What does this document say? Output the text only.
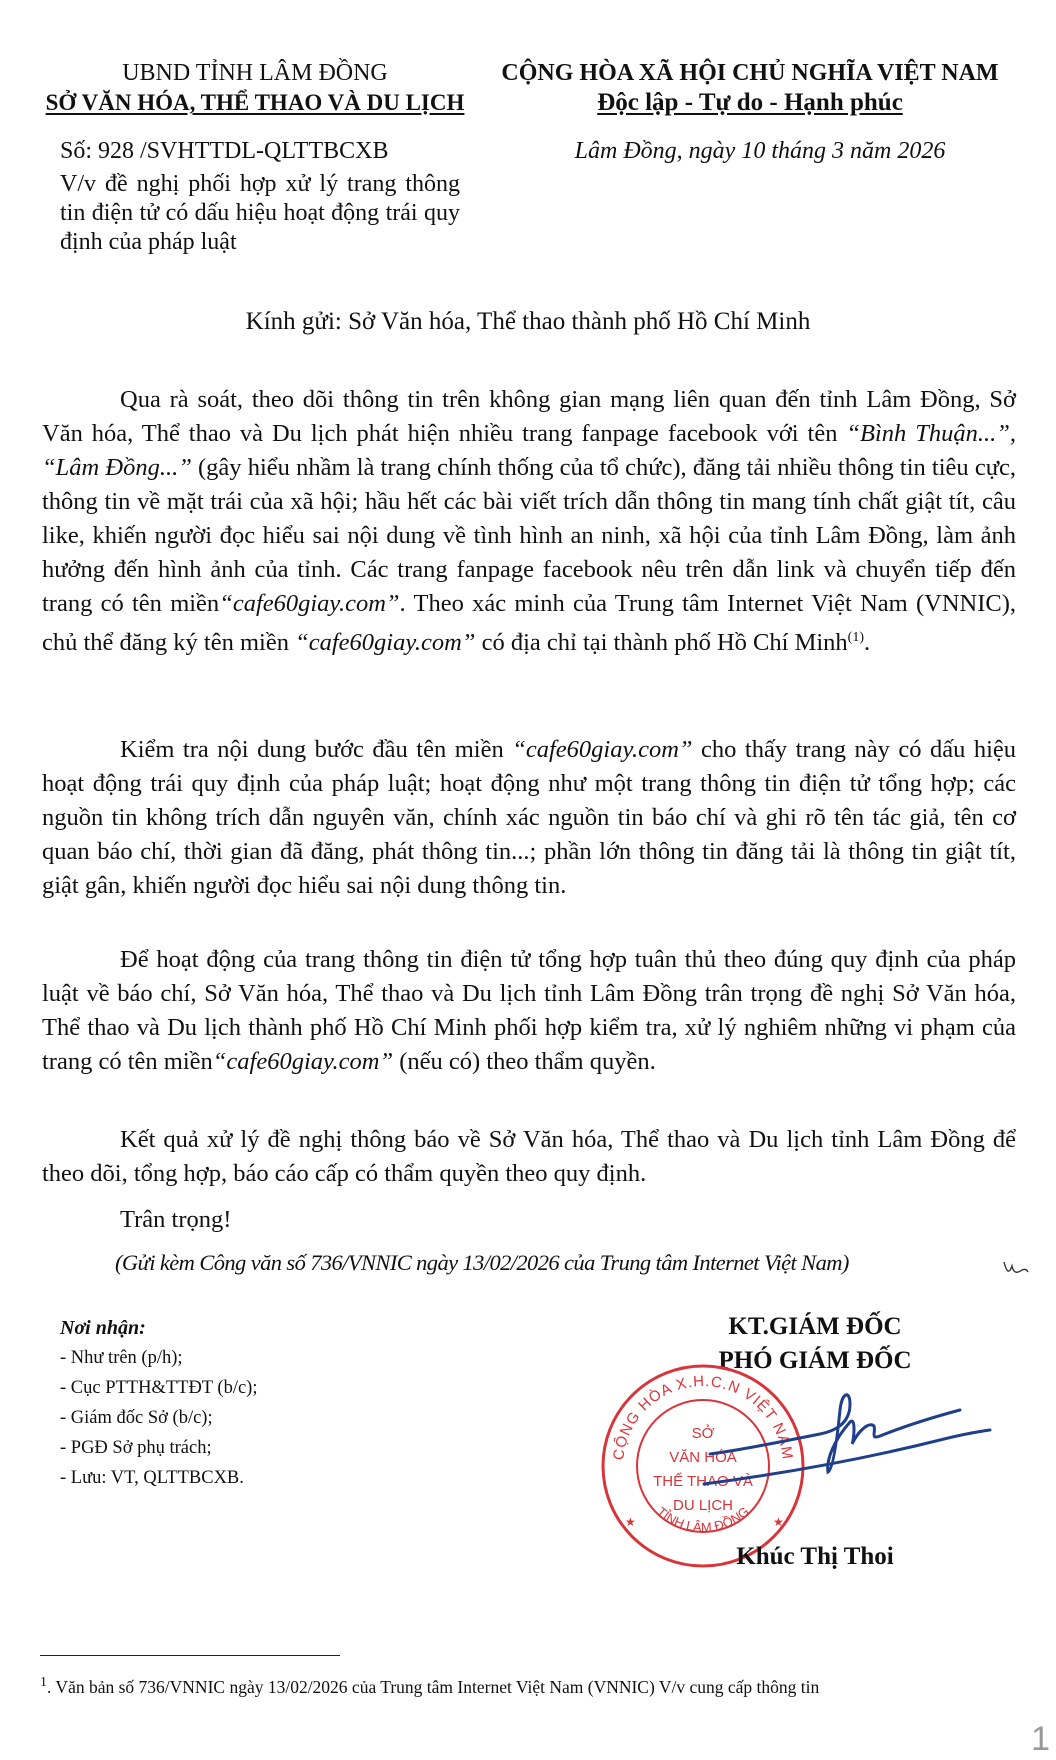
UBND TỈNH LÂM ĐỒNG
SỞ VĂN HÓA, THỂ THAO VÀ DU LỊCH
Số: 928 /SVHTTDL-QLTTBCXB
V/v đề nghị phối hợp xử lý trang thông tin điện tử có dấu hiệu hoạt động trái quy định của pháp luật
CỘNG HÒA XÃ HỘI CHỦ NGHĨA VIỆT NAM
Độc lập - Tự do - Hạnh phúc
Lâm Đồng, ngày 10 tháng 3 năm 2026
Kính gửi: Sở Văn hóa, Thể thao thành phố Hồ Chí Minh

Qua rà soát, theo dõi thông tin trên không gian mạng liên quan đến tỉnh Lâm Đồng, Sở Văn hóa, Thể thao và Du lịch phát hiện nhiều trang fanpage facebook với tên “Bình Thuận...”, “Lâm Đồng...” (gây hiểu nhầm là trang chính thống của tổ chức), đăng tải nhiều thông tin tiêu cực, thông tin về mặt trái của xã hội; hầu hết các bài viết trích dẫn thông tin mang tính chất giật tít, câu like, khiến người đọc hiểu sai nội dung về tình hình an ninh, xã hội của tỉnh Lâm Đồng, làm ảnh hưởng đến hình ảnh của tỉnh. Các trang fanpage facebook nêu trên dẫn link và chuyển tiếp đến trang có tên miền“cafe60giay.com”. Theo xác minh của Trung tâm Internet Việt Nam (VNNIC), chủ thể đăng ký tên miền “cafe60giay.com” có địa chỉ tại thành phố Hồ Chí Minh$^{(1)}$.

Kiểm tra nội dung bước đầu tên miền “cafe60giay.com” cho thấy trang này có dấu hiệu hoạt động trái quy định của pháp luật; hoạt động như một trang thông tin điện tử tổng hợp; các nguồn tin không trích dẫn nguyên văn, chính xác nguồn tin báo chí và ghi rõ tên tác giả, tên cơ quan báo chí, thời gian đã đăng, phát thông tin...; phần lớn thông tin đăng tải là thông tin giật tít, giật gân, khiến người đọc hiểu sai nội dung thông tin.

Để hoạt động của trang thông tin điện tử tổng hợp tuân thủ theo đúng quy định của pháp luật về báo chí, Sở Văn hóa, Thể thao và Du lịch tỉnh Lâm Đồng trân trọng đề nghị Sở Văn hóa, Thể thao và Du lịch thành phố Hồ Chí Minh phối hợp kiểm tra, xử lý nghiêm những vi phạm của trang có tên miền“cafe60giay.com” (nếu có) theo thẩm quyền.

Kết quả xử lý đề nghị thông báo về Sở Văn hóa, Thể thao và Du lịch tỉnh Lâm Đồng để theo dõi, tổng hợp, báo cáo cấp có thẩm quyền theo quy định.

Trân trọng!

(Gửi kèm Công văn số 736/VNNIC ngày 13/02/2026 của Trung tâm Internet Việt Nam)
Nơi nhận:
- Như trên (p/h);
- Cục PTTH&TTĐT (b/c);
- Giám đốc Sở (b/c);
- PGĐ Sở phụ trách;
- Lưu: VT, QLTTBCXB.
KT.GIÁM ĐỐC
PHÓ GIÁM ĐỐC
CỘNG HÒA X.H.C.N VIỆT NAM
TỈNH LÂM ĐỒNG
SỞ
VĂN HÓA
THỂ THAO VÀ
DU LỊCH
★	★
Khúc Thị Thoi
$^1$. Văn bản số 736/VNNIC ngày 13/02/2026 của Trung tâm Internet Việt Nam (VNNIC) V/v cung cấp thông tin
1
